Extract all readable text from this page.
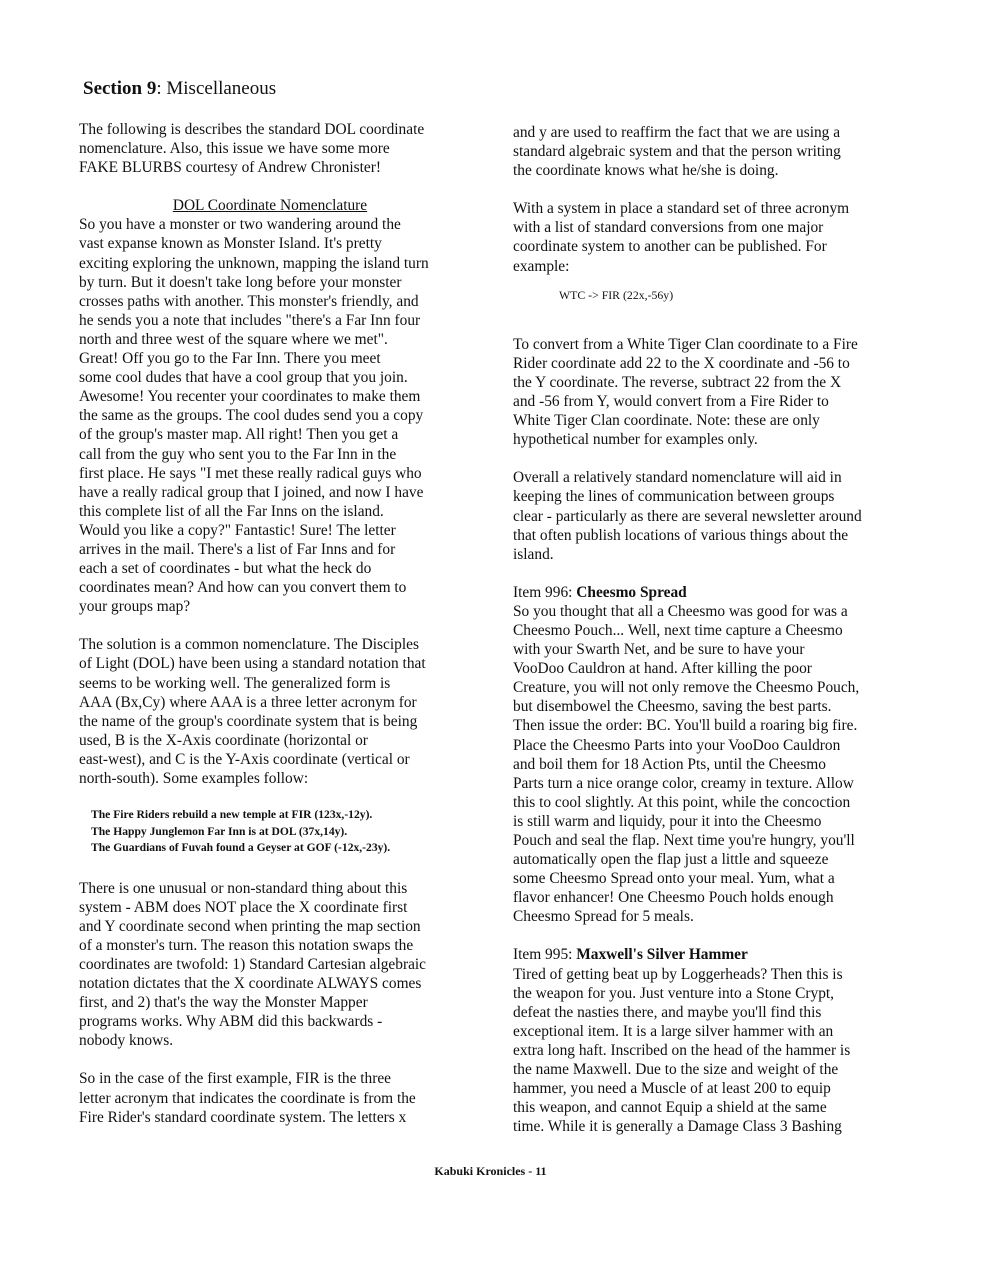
Section 9: Miscellaneous
The following is describes the standard DOL coordinate
nomenclature. Also, this issue we have some more
FAKE BLURBS courtesy of Andrew Chronister!
DOL Coordinate Nomenclature
So you have a monster or two wandering around the
vast expanse known as Monster Island. It's pretty
exciting exploring the unknown, mapping the island turn
by turn. But it doesn't take long before your monster
crosses paths with another. This monster's friendly, and
he sends you a note that includes "there's a Far Inn four
north and three west of the square where we met".
Great! Off you go to the Far Inn. There you meet
some cool dudes that have a cool group that you join.
Awesome! You recenter your coordinates to make them
the same as the groups. The cool dudes send you a copy
of the group's master map. All right! Then you get a
call from the guy who sent you to the Far Inn in the
first place. He says "I met these really radical guys who
have a really radical group that I joined, and now I have
this complete list of all the Far Inns on the island.
Would you like a copy?" Fantastic! Sure! The letter
arrives in the mail. There's a list of Far Inns and for
each a set of coordinates - but what the heck do
coordinates mean? And how can you convert them to
your groups map?
The solution is a common nomenclature. The Disciples
of Light (DOL) have been using a standard notation that
seems to be working well. The generalized form is
AAA (Bx,Cy) where AAA is a three letter acronym for
the name of the group's coordinate system that is being
used, B is the X-Axis coordinate (horizontal or
east-west), and C is the Y-Axis coordinate (vertical or
north-south). Some examples follow:
The Fire Riders rebuild a new temple at FIR (123x,-12y).
The Happy Junglemon Far Inn is at DOL (37x,14y).
The Guardians of Fuvah found a Geyser at GOF (-12x,-23y).
There is one unusual or non-standard thing about this
system - ABM does NOT place the X coordinate first
and Y coordinate second when printing the map section
of a monster's turn. The reason this notation swaps the
coordinates are twofold: 1) Standard Cartesian algebraic
notation dictates that the X coordinate ALWAYS comes
first, and 2) that's the way the Monster Mapper
programs works. Why ABM did this backwards -
nobody knows.
So in the case of the first example, FIR is the three
letter acronym that indicates the coordinate is from the
Fire Rider's standard coordinate system. The letters x
and y are used to reaffirm the fact that we are using a
standard algebraic system and that the person writing
the coordinate knows what he/she is doing.
With a system in place a standard set of three acronym
with a list of standard conversions from one major
coordinate system to another can be published. For
example:
WTC -> FIR (22x,-56y)
To convert from a White Tiger Clan coordinate to a Fire
Rider coordinate add 22 to the X coordinate and -56 to
the Y coordinate. The reverse, subtract 22 from the X
and -56 from Y, would convert from a Fire Rider to
White Tiger Clan coordinate. Note: these are only
hypothetical number for examples only.
Overall a relatively standard nomenclature will aid in
keeping the lines of communication between groups
clear - particularly as there are several newsletter around
that often publish locations of various things about the
island.
Item 996: Cheesmo Spread
So you thought that all a Cheesmo was good for was a
Cheesmo Pouch... Well, next time capture a Cheesmo
with your Swarth Net, and be sure to have your
VooDoo Cauldron at hand. After killing the poor
Creature, you will not only remove the Cheesmo Pouch,
but disembowel the Cheesmo, saving the best parts.
Then issue the order: BC. You'll build a roaring big fire.
Place the Cheesmo Parts into your VooDoo Cauldron
and boil them for 18 Action Pts, until the Cheesmo
Parts turn a nice orange color, creamy in texture. Allow
this to cool slightly. At this point, while the concoction
is still warm and liquidy, pour it into the Cheesmo
Pouch and seal the flap. Next time you're hungry, you'll
automatically open the flap just a little and squeeze
some Cheesmo Spread onto your meal. Yum, what a
flavor enhancer! One Cheesmo Pouch holds enough
Cheesmo Spread for 5 meals.
Item 995: Maxwell's Silver Hammer
Tired of getting beat up by Loggerheads? Then this is
the weapon for you. Just venture into a Stone Crypt,
defeat the nasties there, and maybe you'll find this
exceptional item. It is a large silver hammer with an
extra long haft. Inscribed on the head of the hammer is
the name Maxwell. Due to the size and weight of the
hammer, you need a Muscle of at least 200 to equip
this weapon, and cannot Equip a shield at the same
time. While it is generally a Damage Class 3 Bashing
Kabuki Kronicles - 11
